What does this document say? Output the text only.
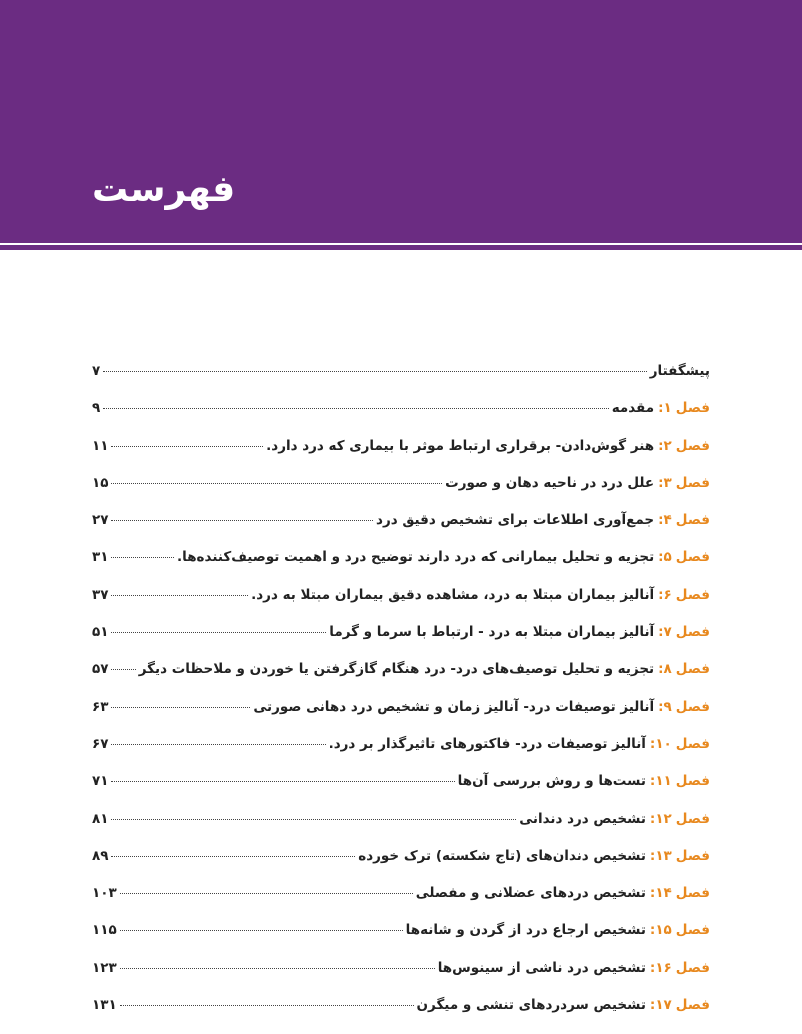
فهرست
پیشگفتار
۷
فصل
۱
:
مقدمه
۹
فصل
۲
:
هنر گوش‌دادن- برقراری ارتباط موثر با بیماری که درد دارد.
۱۱
فصل
۳
:
علل درد در ناحیه دهان و صورت
۱۵
فصل
۴
:
جمع‌آوری اطلاعات برای تشخیص دقیق درد
۲۷
فصل
۵
:
تجزیه و تحلیل بیمارانی که درد دارند توضیح درد و اهمیت توصیف‌کننده‌ها.
۳۱
فصل
۶
:
آنالیز بیماران مبتلا به درد، مشاهده دقیق بیماران مبتلا به درد.
۳۷
فصل
۷
:
آنالیز بیماران مبتلا به درد - ارتباط با سرما و گرما
۵۱
فصل
۸
:
تجزیه و تحلیل توصیف‌های درد- درد هنگام گازگرفتن یا خوردن و ملاحظات دیگر
۵۷
فصل
۹
:
آنالیز توصیفات درد- آنالیز زمان و تشخیص درد دهانی صورتی
۶۳
فصل
۱۰
:
آنالیز توصیفات درد- فاکتورهای تاثیرگذار بر درد.
۶۷
فصل
۱۱
:
تست‌ها و روش بررسی آن‌ها
۷۱
فصل
۱۲
:
تشخیص درد دندانی
۸۱
فصل
۱۳
:
تشخیص دندان‌های (تاج شکسته) ترک خورده
۸۹
فصل
۱۴
:
تشخیص دردهای عضلانی و مفصلی
۱۰۳
فصل
۱۵
:
تشخیص ارجاع درد از گردن و شانه‌ها
۱۱۵
فصل
۱۶
:
تشخیص درد ناشی از سینوس‌ها
۱۲۳
فصل
۱۷
:
تشخیص سردردهای تنشی و میگرن
۱۳۱
